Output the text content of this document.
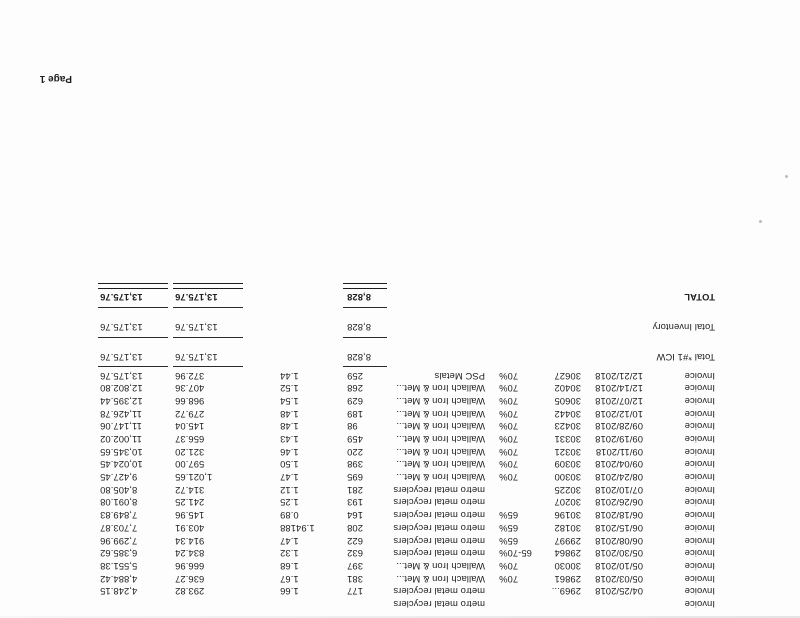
Invoice
metro metal recyclers
Invoice
04/25/2018
2969...
metro metal recyclers
177
1.66
293.82
4,248.15
Invoice
05/03/2018
29861
70%
Wallach Iron & Met...
381
1.67
636.27
4,884.42
Invoice
05/10/2018
30030
70%
Wallach Iron & Met...
397
1.68
666.96
5,551.38
Invoice
05/30/2018
29864
65-70%
metro metal recyclers
632
1.32
834.24
6,385.62
Invoice
06/08/2018
29997
65%
metro metal recyclers
622
1.47
914.34
7,299.96
Invoice
06/15/2018
30182
65%
metro metal recyclers
208
1.94188
403.91
7,703.87
Invoice
06/18/2018
30196
65%
metro metal recyclers
164
0.89
145.96
7,849.83
Invoice
06/26/2018
30207
metro metal recyclers
193
1.25
241.25
8,091.08
Invoice
07/10/2018
30225
metro metal recyclers
281
1.12
314.72
8,405.80
Invoice
08/24/2018
30300
70%
Wallach Iron & Met...
695
1.47
1,021.65
9,427.45
Invoice
09/04/2018
30309
70%
Wallach Iron & Met...
398
1.50
597.00
10,024.45
Invoice
09/11/2018
30321
70%
Wallach Iron & Met...
220
1.46
321.20
10,345.65
Invoice
09/19/2018
30331
70%
Wallach Iron & Met...
459
1.43
656.37
11,002.02
Invoice
09/28/2018
30423
70%
Wallach Iron & Met...
98
1.48
145.04
11,147.06
Invoice
10/12/2018
30442
70%
Wallach Iron & Met...
189
1.48
279.72
11,426.78
Invoice
12/07/2018
30605
70%
Wallach Iron & Met...
629
1.54
968.66
12,395.44
Invoice
12/14/2018
30402
70%
Wallach Iron & Met...
268
1.52
407.36
12,802.80
Invoice
12/21/2018
30627
70%
PSC Metals
259
1.44
372.96
13,175.76
Total *#1 ICW
8,828
13,175.76
13,175.76
Total Inventory
8,828
13,175.76
13,175.76
TOTAL
8,828
13,175.76
13,175.76
Page 1
